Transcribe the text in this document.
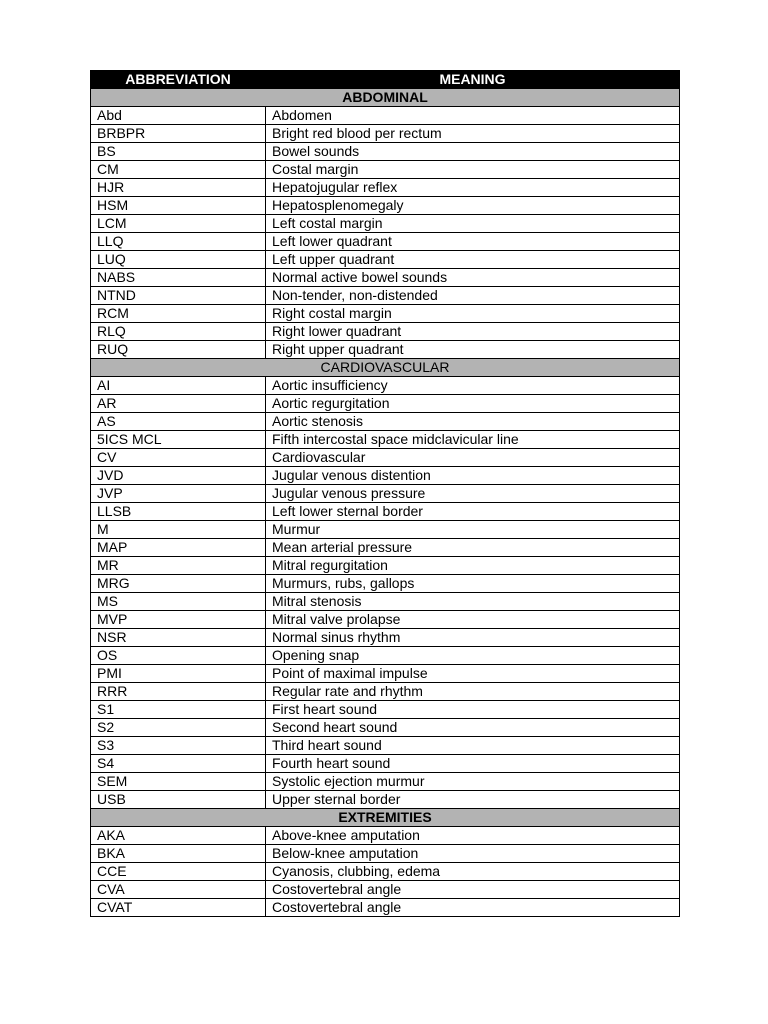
ABBREVIATION	MEANING
ABDOMINAL	
Abd	Abdomen
BRBPR	Bright red blood per rectum
BS	Bowel sounds
CM	Costal margin
HJR	Hepatojugular reflex
HSM	Hepatosplenomegaly
LCM	Left costal margin
LLQ	Left lower quadrant
LUQ	Left upper quadrant
NABS	Normal active bowel sounds
NTND	Non-tender, non-distended
RCM	Right costal margin
RLQ	Right lower quadrant
RUQ	Right upper quadrant
CARDIOVASCULAR	
AI	Aortic insufficiency
AR	Aortic regurgitation
AS	Aortic stenosis
5ICS MCL	Fifth intercostal space midclavicular line
CV	Cardiovascular
JVD	Jugular venous distention
JVP	Jugular venous pressure
LLSB	Left lower sternal border
M	Murmur
MAP	Mean arterial pressure
MR	Mitral regurgitation
MRG	Murmurs, rubs, gallops
MS	Mitral stenosis
MVP	Mitral valve prolapse
NSR	Normal sinus rhythm
OS	Opening snap
PMI	Point of maximal impulse
RRR	Regular rate and rhythm
S1	First heart sound
S2	Second heart sound
S3	Third heart sound
S4	Fourth heart sound
SEM	Systolic ejection murmur
USB	Upper sternal border
EXTREMITIES	
AKA	Above-knee amputation
BKA	Below-knee amputation
CCE	Cyanosis, clubbing, edema
CVA	Costovertebral angle
CVAT	Costovertebral angle
